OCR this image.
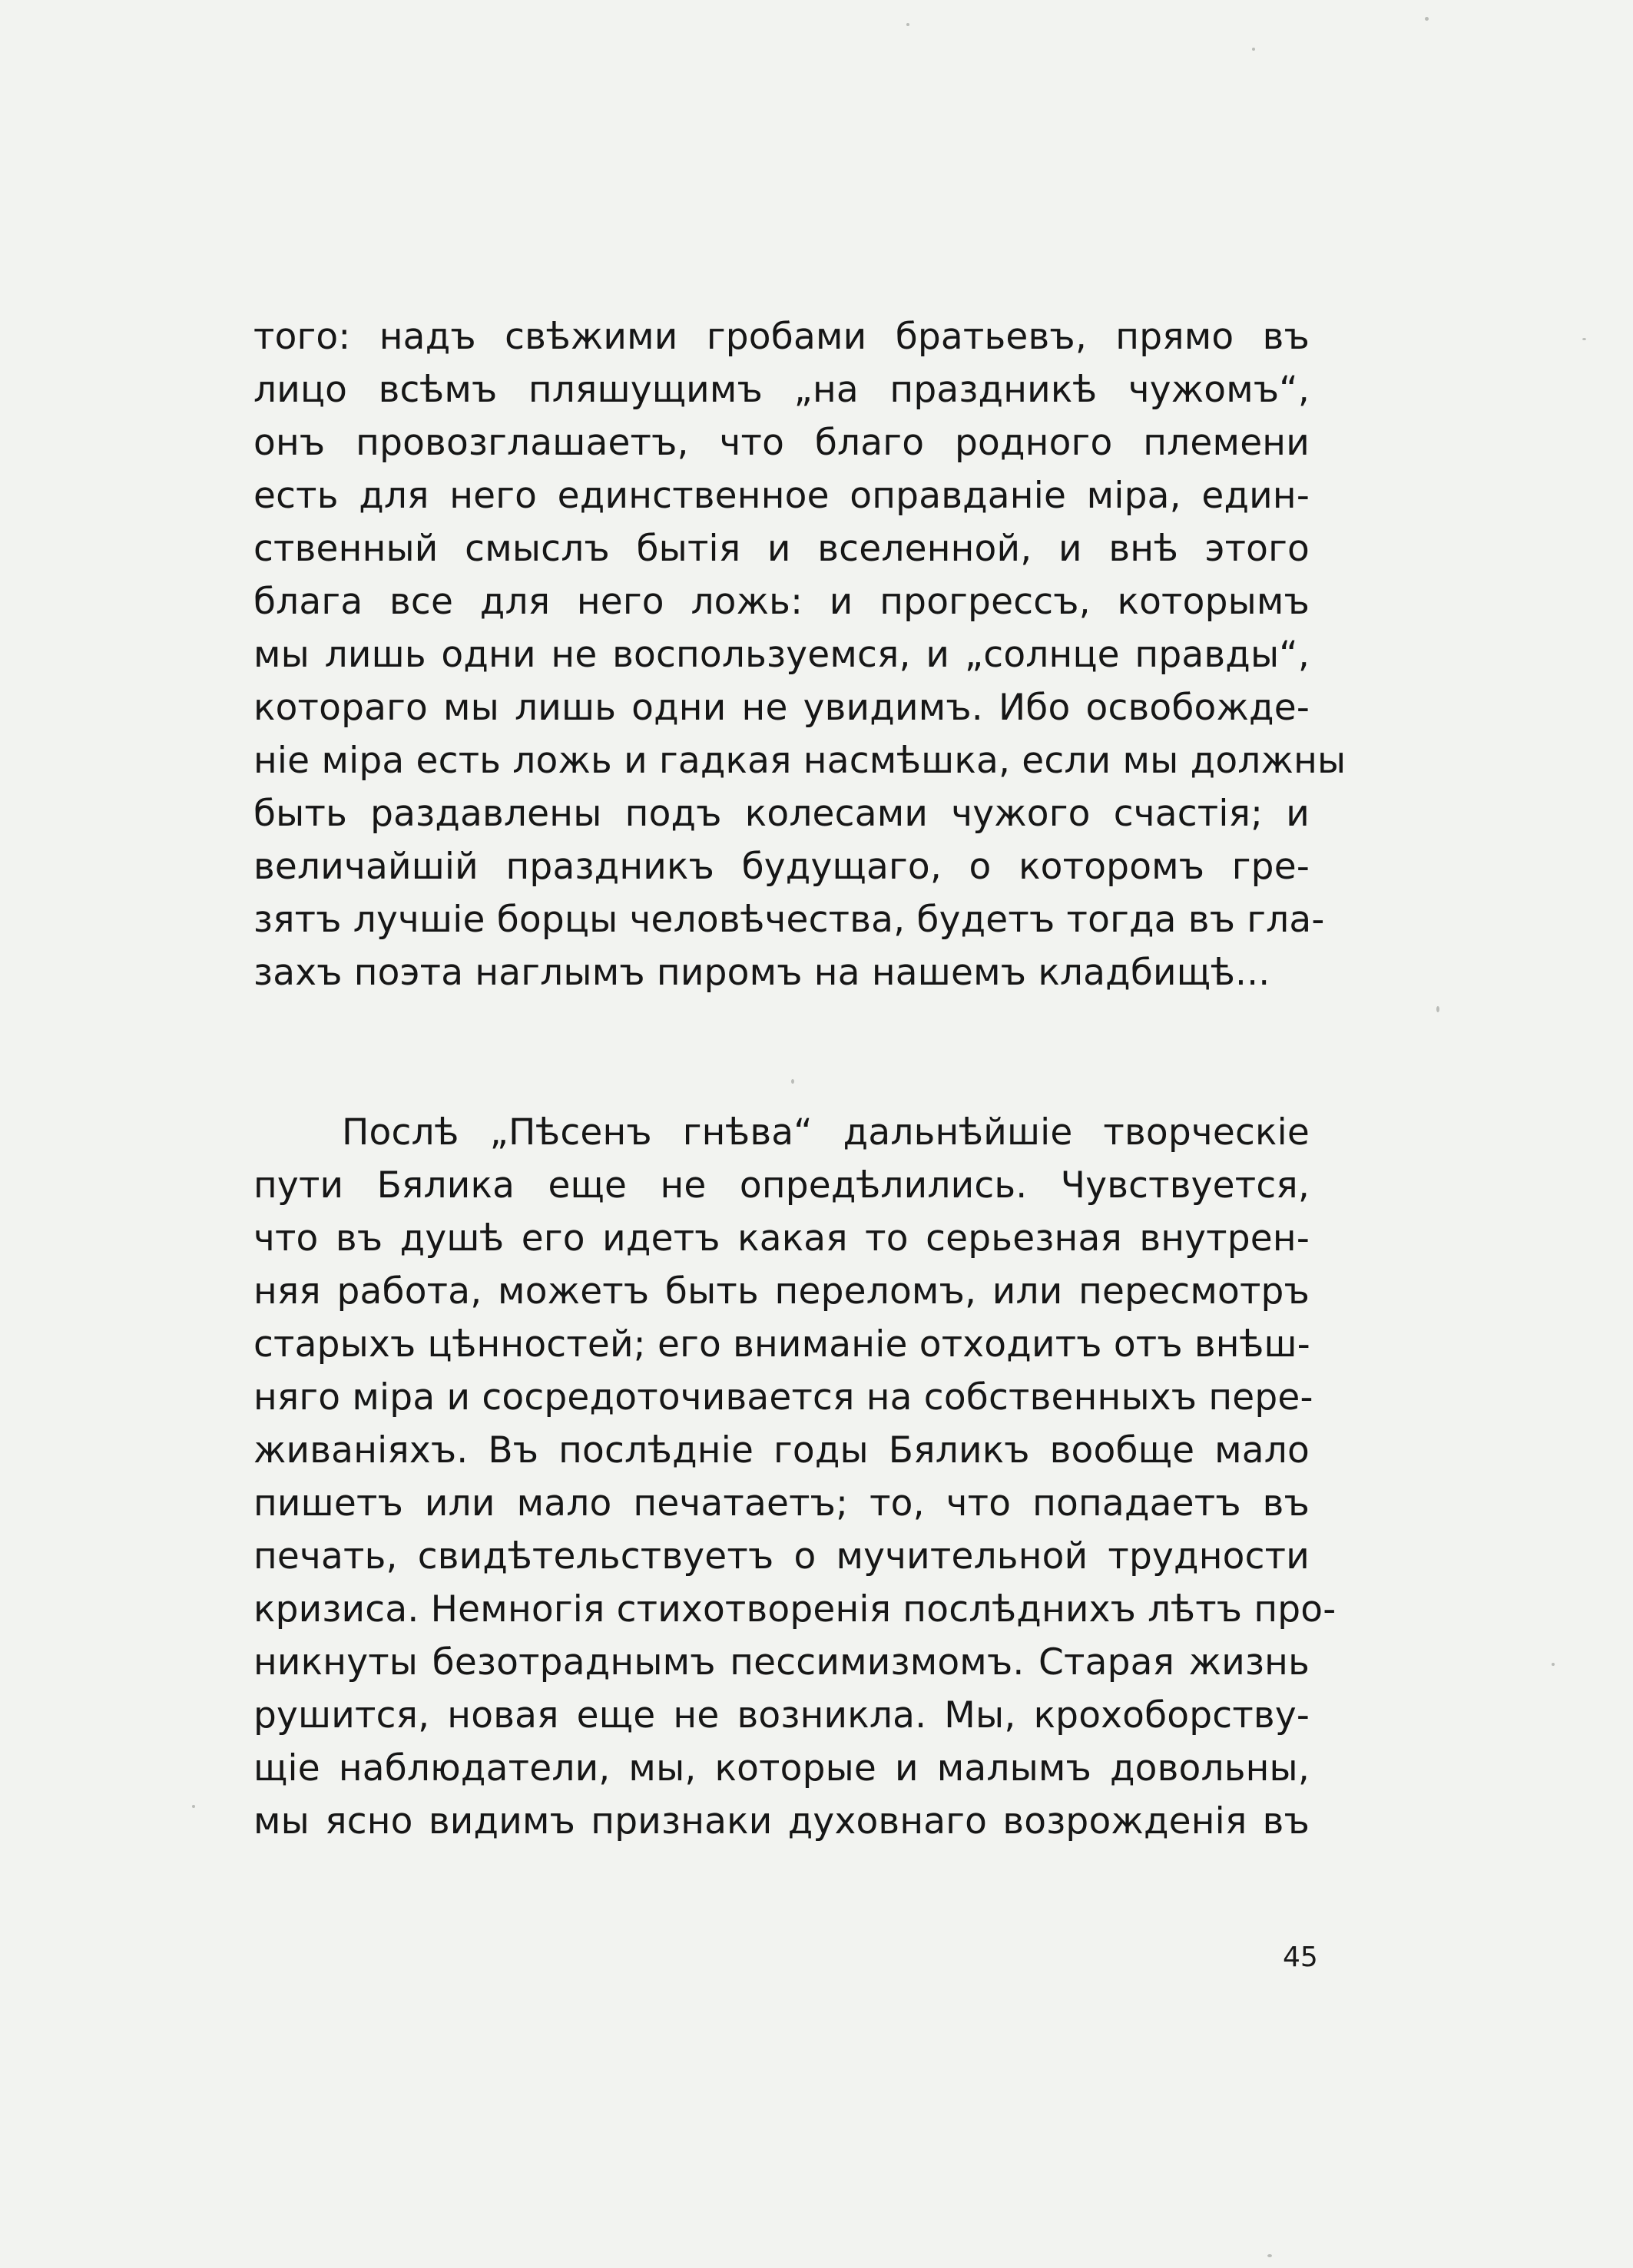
того: надъ свѣжими гробами братьевъ, прямо въ
лицо всѣмъ пляшущимъ „на праздникѣ чужомъ“,
онъ провозглашаетъ, что благо родного племени
есть для него единственное оправданіе міра, един-
ственный смыслъ бытія и вселенной, и внѣ этого
блага все для него ложь: и прогрессъ, которымъ
мы лишь одни не воспользуемся, и „солнце правды“,
котораго мы лишь одни не увидимъ. Ибо освобожде-
ніе міра есть ложь и гадкая насмѣшка, если мы должны
быть раздавлены подъ колесами чужого счастія; и
величайшій праздникъ будущаго, о которомъ гре-
зятъ лучшіе борцы человѣчества, будетъ тогда въ гла-
захъ поэта наглымъ пиромъ на нашемъ кладбищѣ...
Послѣ „Пѣсенъ гнѣва“ дальнѣйшіе творческіе
пути Бялика еще не опредѣлились. Чувствуется,
что въ душѣ его идетъ какая то серьезная внутрен-
няя работа, можетъ быть переломъ, или пересмотръ
старыхъ цѣнностей; его вниманіе отходитъ отъ внѣш-
няго міра и сосредоточивается на собственныхъ пере-
живаніяхъ. Въ послѣдніе годы Бяликъ вообще мало
пишетъ или мало печатаетъ; то, что попадаетъ въ
печать, свидѣтельствуетъ о мучительной трудности
кризиса. Немногія стихотворенія послѣднихъ лѣтъ про-
никнуты безотраднымъ пессимизмомъ. Старая жизнь
рушится, новая еще не возникла. Мы, крохоборству-
щіе наблюдатели, мы, которые и малымъ довольны,
мы ясно видимъ признаки духовнаго возрожденія въ
45
